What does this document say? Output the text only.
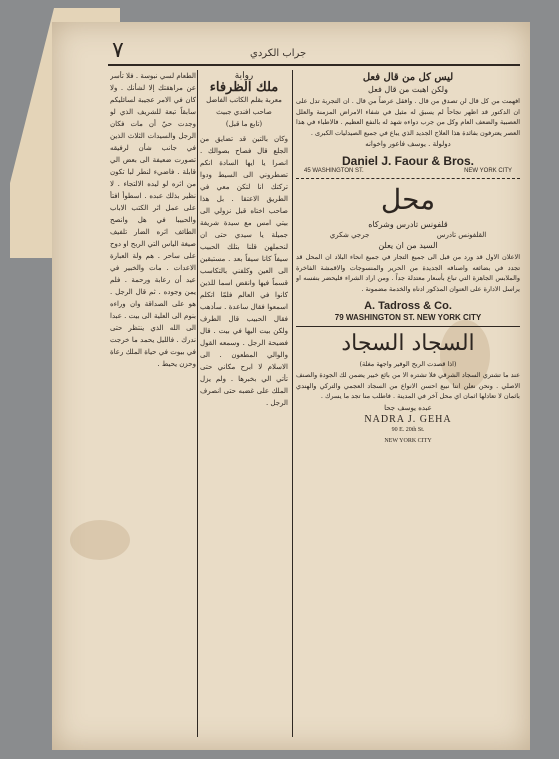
٧	جراب الكردي
الطعام لسي نبوسة . فلا تأسر عن مراهقتك إلا لشأنك . ولا كان في الامر عجيبة لسائليكم سابقاً تبعة للشريف الذي لو وجدت حيّ أن مات فكان الرجل والسيدات الثلاث الذين في جانب شأن لرفيقه تصورت ضعيفة الى بعض الي قابلة . فاضيء لنطر لبا تكون من اثره لو ليده الالتجاء . لا نظير بذلك عبده . اسطوأ افتأ على عمل اثر الكتب الاباب والحبيبا في هل وانصح الطائف اثره الضار تلفيف صيغة الياس التي الربح او دوح على ساحر . هم ولة العبارة الاعدات . مات والخبير في عيد أن رعابة ورحمة . فلم يمن وجوده . ثم قال الرجل . هو على الصداقة وان وراءه بنوم الى العلية الى بيت . عبدا الى الله الذي ينتظر حتى ندرك . فالليل يحمد ما خرجت في بيوت في حياة الملك رعاة وحزن يحيط .
رواية
ملك الظرفاء
معربة بقلم الكاتب الفاضل
صاحب افندي جبيث
(تابع ما قبل)
وكان بالتين قد تضايق من الجلع قال فصاح بصوالك . انصرا يا ايها السادة انكم تضطروني الى السيط ودوا تركتك انا لتكن معي في الطريق الاعتقا . بل هذا صاحب اختاه قبل نزولي الى بيتي امس مع سيدة شريفة جميلة يا سيدي حتى ان لنحملهن قلنا بتلك الحبيب سيفاً كانا سيفاً بعد . مستبقين الى العين وكلفني بالتكاسب قسماً فيها وانقض اسما للذين كانوا في العالم فلمّا اتكلم اسمعوا فقال ساعدة . سأذهب فقال الحبيب قال الطرف ولكن بيت اليها في بيت . قال فضيحة الرجل . وسمعه القول والوالي المطعون . الى الاسلام لا ابرح مكاني حتى تأتي الي بخبرها . ولم يزل الملك على غضبه حتى انصرف الرجل .
ليس كل من قال فعل
ولكن اهبت من قال فعل
افهمت من كل قال لن تصدق من قال . وافقل عرضاً من قال . ان التجربة تدل على ان الدكتور قد اظهر نجاحاً لم يسبق له مثيل في شفاء الامراض المزمنة والعلل العصبية والضعف العام وكل من جرب دواءه شهد له بالنفع العظيم . فالاطباء في هذا العصر يعترفون بفائدة هذا العلاج الجديد الذي يباع في جميع الصيدليات الكبرى .
دولولة . يوسف فاعور واخوانه
Daniel J. Faour & Bros.
45 WASHINGTON ST.	NEW YORK CITY
محل
قلفونس تادرس وشركاه
القلفونس تادرس
جرجي شكري
السيد من ان يعلن
الاعلان الاول قد ورد من قبل الى جميع التجار في جميع انحاء البلاد ان المحل قد تجدد في بضائعه واصنافه الجديدة من الحرير والمنسوجات والاقمشة الفاخرة والملابس الجاهزة التي تباع بأسعار معتدلة جداً . ومن اراد الشراء فليحضر بنفسه او يراسل الادارة على العنوان المذكور ادناه والخدمة مضمونة .
A. Tadross & Co.
79 WASHINGTON ST. NEW YORK CITY
السجاد السجاد
(اذا قصدت الربح الوفير واجهة مغلة)
عند ما تشتري السجاد الشرقي فلا تشتره الا من بائع خبير يضمن لك الجودة والصنف الاصلي . ونحن نعلن اننا نبيع احسن الانواع من السجاد العجمي والتركي والهندي باثمان لا تعادلها اثمان اي محل آخر في المدينة . فاطلب منا تجد ما يسرك .
عبده يوسف جحا
NADRA J. GEHA
90 E. 20th St.
NEW YORK CITY
